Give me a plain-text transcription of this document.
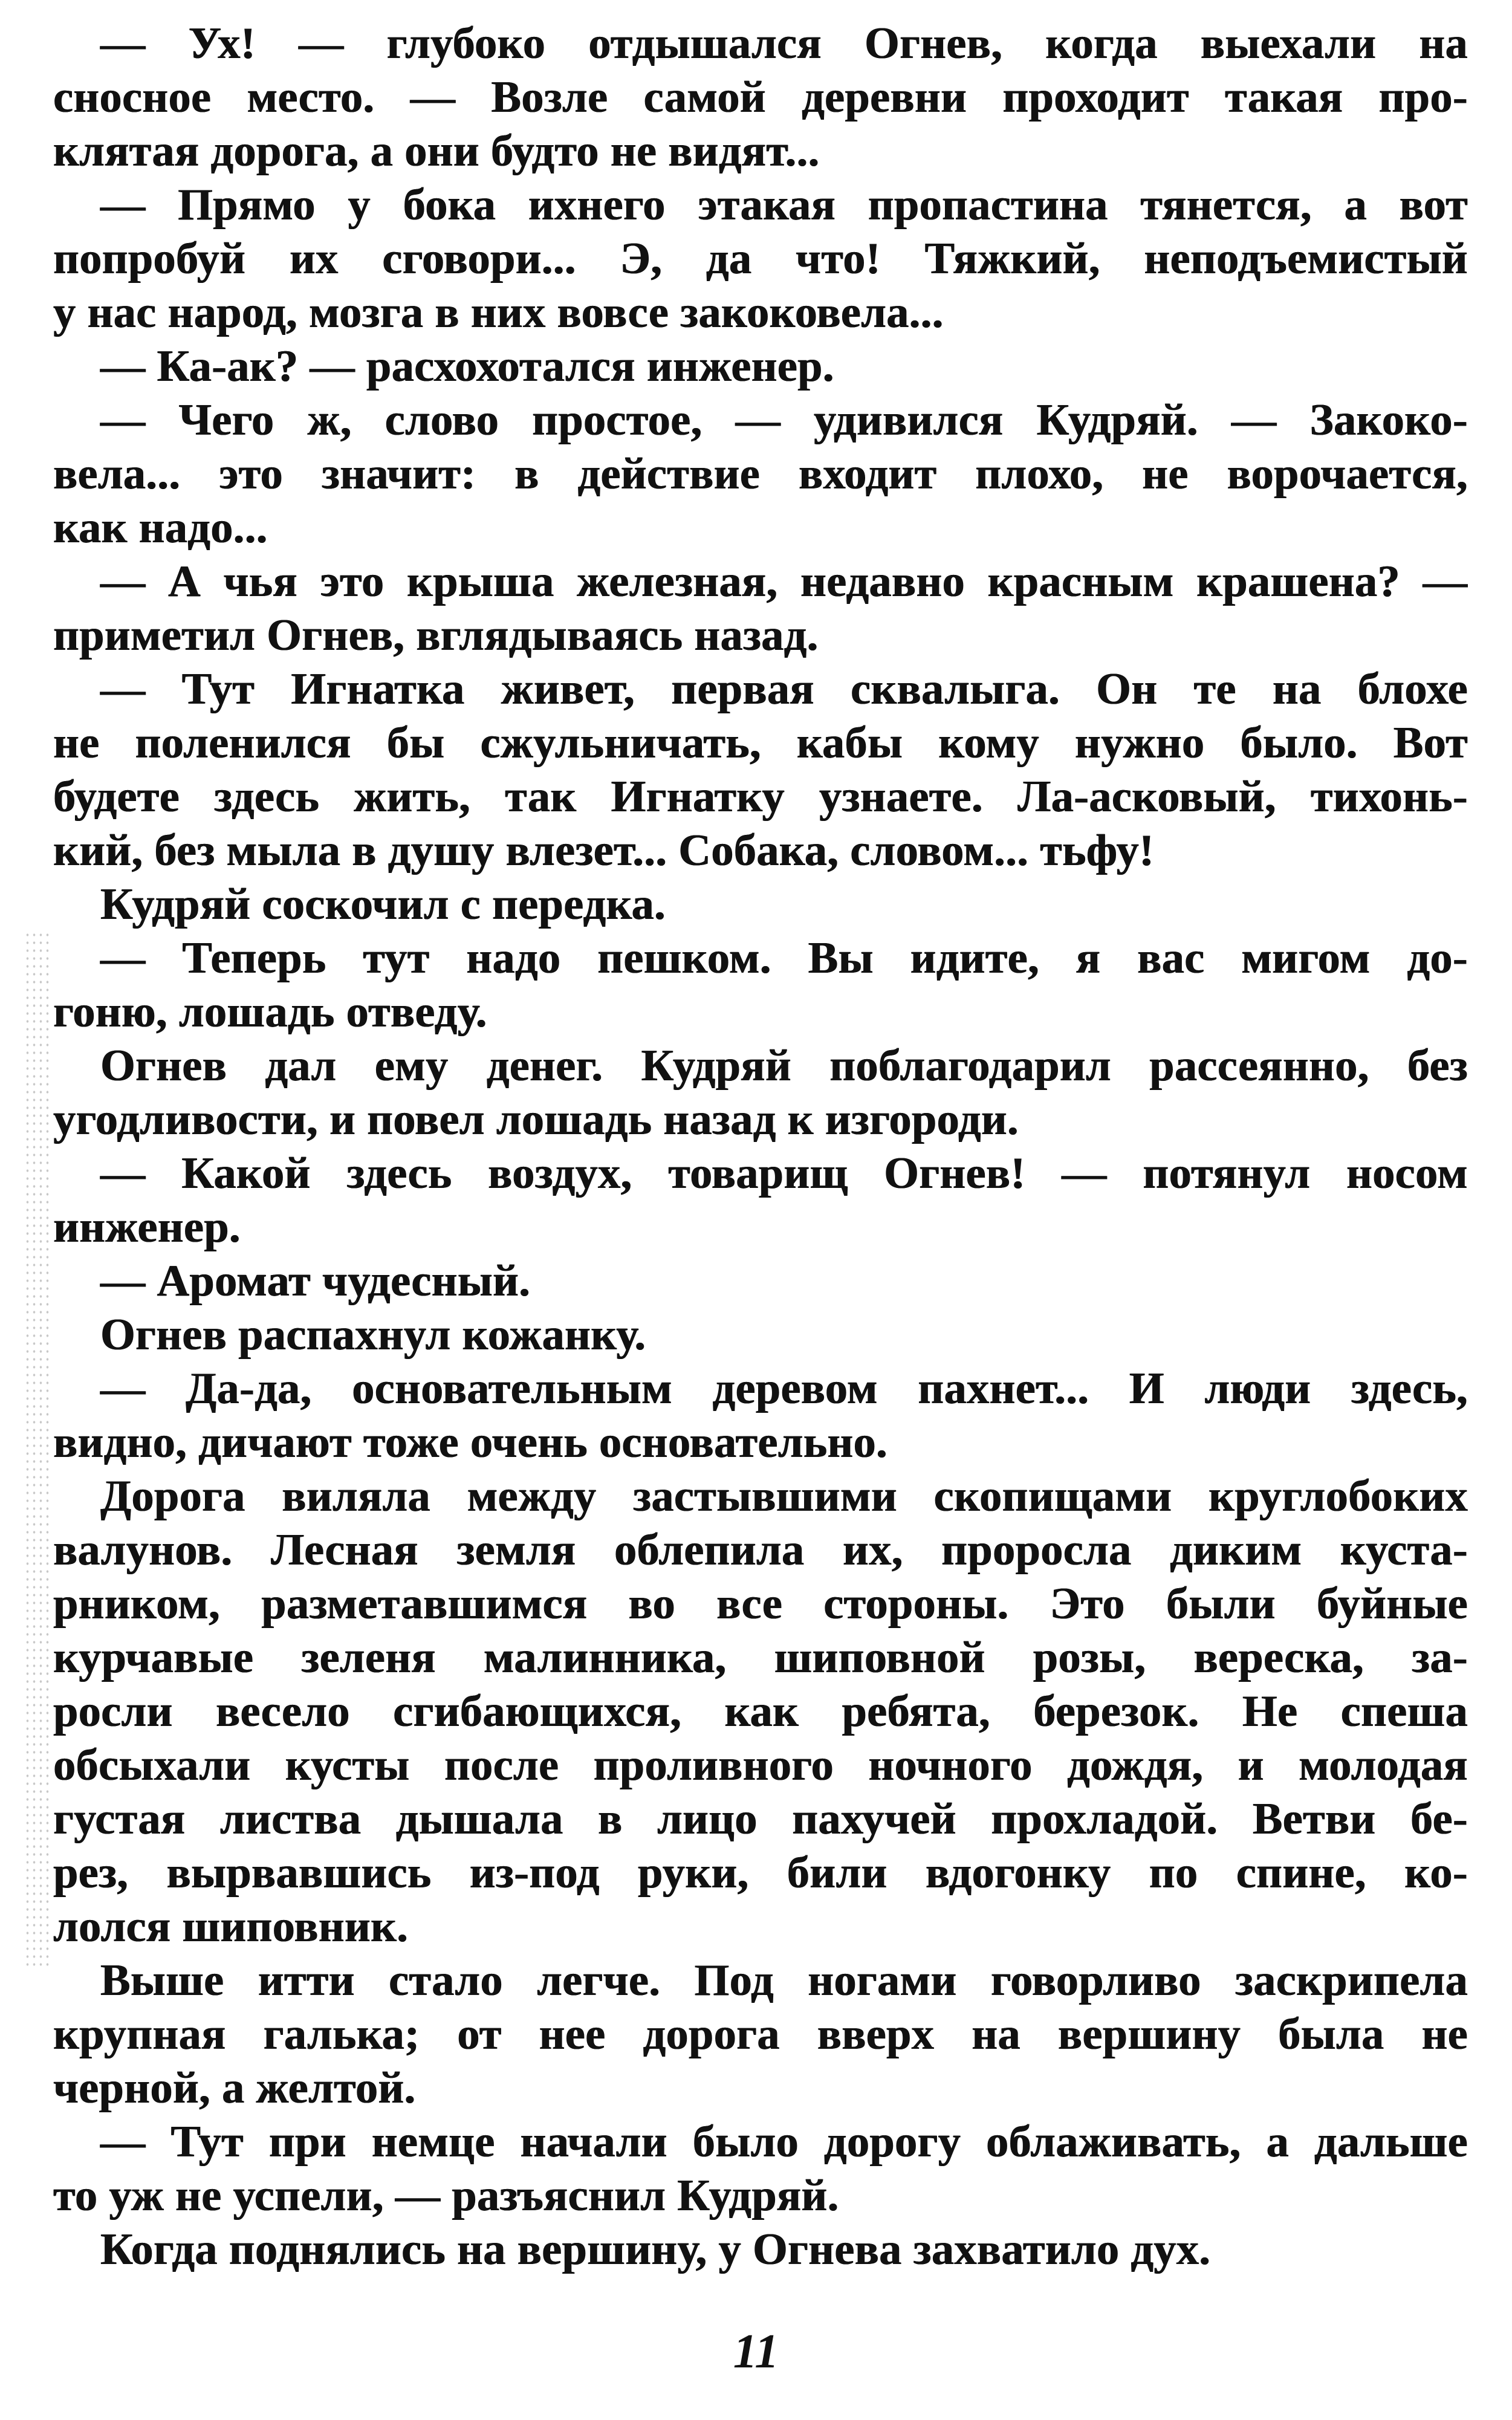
— Ух! — глубоко отдышался Огнев, когда выехали на
сносное место. — Возле самой деревни проходит такая про-
клятая дорога, а они будто не видят...
— Прямо у бока ихнего этакая пропастина тянется, а вот
попробуй их сговори... Э, да что! Тяжкий, неподъемистый
у нас народ, мозга в них вовсе закоковела...
— Ка-ак? — расхохотался инженер.
— Чего ж, слово простое, — удивился Кудряй. — Закоко-
вела... это значит: в действие входит плохо, не ворочается,
как надо...
— А чья это крыша железная, недавно красным крашена? —
приметил Огнев, вглядываясь назад.
— Тут Игнатка живет, первая сквалыга. Он те на блохе
не поленился бы сжульничать, кабы кому нужно было. Вот
будете здесь жить, так Игнатку узнаете. Ла-асковый, тихонь-
кий, без мыла в душу влезет... Собака, словом... тьфу!
Кудряй соскочил с передка.
— Теперь тут надо пешком. Вы идите, я вас мигом до-
гоню, лошадь отведу.
Огнев дал ему денег. Кудряй поблагодарил рассеянно, без
угодливости, и повел лошадь назад к изгороди.
— Какой здесь воздух, товарищ Огнев! — потянул носом
инженер.
— Аромат чудесный.
Огнев распахнул кожанку.
— Да-да, основательным деревом пахнет... И люди здесь,
видно, дичают тоже очень основательно.
Дорога виляла между застывшими скопищами круглобоких
валунов. Лесная земля облепила их, проросла диким куста-
рником, разметавшимся во все стороны. Это были буйные
курчавые зеленя малинника, шиповной розы, вереска, за-
росли весело сгибающихся, как ребята, березок. Не спеша
обсыхали кусты после проливного ночного дождя, и молодая
густая листва дышала в лицо пахучей прохладой. Ветви бе-
рез, вырвавшись из-под руки, били вдогонку по спине, ко-
лолся шиповник.
Выше итти стало легче. Под ногами говорливо заскрипела
крупная галька; от нее дорога вверх на вершину была не
черной, а желтой.
— Тут при немце начали было дорогу облаживать, а дальше
то уж не успели, — разъяснил Кудряй.
Когда поднялись на вершину, у Огнева захватило дух.
11
